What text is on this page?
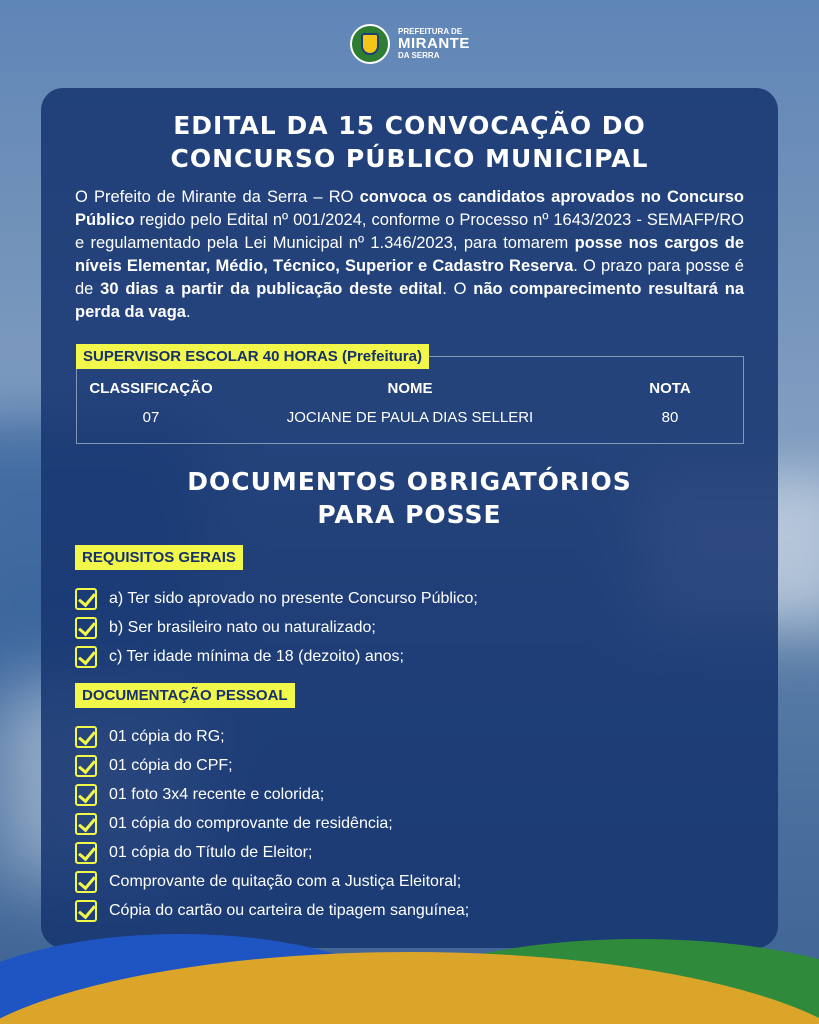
PREFEITURA DE
MIRANTE
DA SERRA
EDITAL DA 15 CONVOCAÇÃO DO
CONCURSO PÚBLICO MUNICIPAL

O Prefeito de Mirante da Serra – RO convoca os candidatos aprovados no Concurso Público regido pelo Edital nº 001/2024, conforme o Processo nº 1643/2023 - SEMAFP/RO e regulamentado pela Lei Municipal nº 1.346/2023, para tomarem posse nos cargos de níveis Elementar, Médio, Técnico, Superior e Cadastro Reserva. O prazo para posse é de 30 dias a partir da publicação deste edital. O não comparecimento resultará na perda da vaga.

SUPERVISOR ESCOLAR 40 HORAS (Prefeitura)
CLASSIFICAÇÃO	NOME	NOTA
07	JOCIANE DE PAULA DIAS SELLERI	80
DOCUMENTOS OBRIGATÓRIOS
PARA POSSE
REQUISITOS GERAIS
a) Ter sido aprovado no presente Concurso Público;
b) Ser brasileiro nato ou naturalizado;
c) Ter idade mínima de 18 (dezoito) anos;
DOCUMENTAÇÃO PESSOAL
01 cópia do RG;
01 cópia do CPF;
01 foto 3x4 recente e colorida;
01 cópia do comprovante de residência;
01 cópia do Título de Eleitor;
Comprovante de quitação com a Justiça Eleitoral;
Cópia do cartão ou carteira de tipagem sanguínea;
